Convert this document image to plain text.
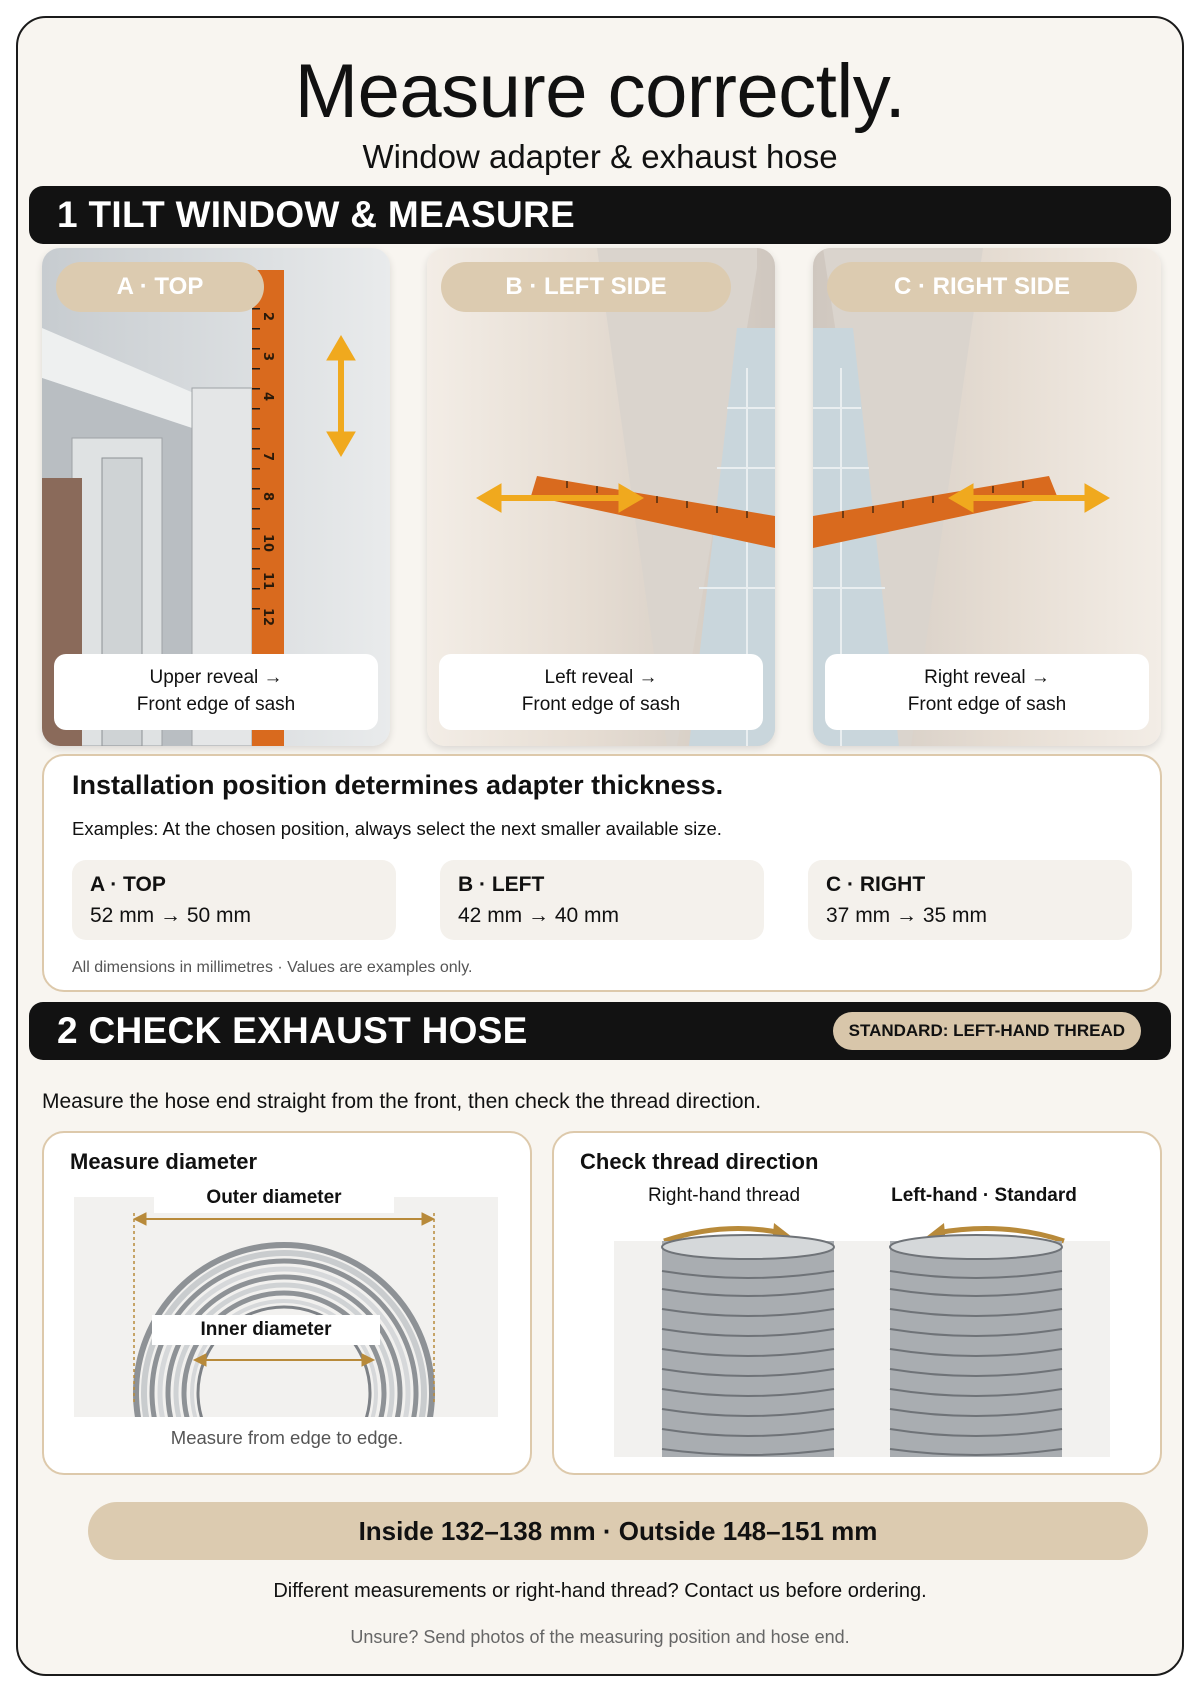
Measure correctly.
Window adapter & exhaust hose
1 TILT WINDOW & MEASURE
2
3
4
7
8
10
11
12
A · TOP
Upper reveal →
Front edge of sash
B · LEFT SIDE
Left reveal →
Front edge of sash
C · RIGHT SIDE
Right reveal →
Front edge of sash
Installation position determines adapter thickness.
Examples: At the chosen position, always select the next smaller available size.
A · TOP
52 mm → 50 mm
B · LEFT
42 mm → 40 mm
C · RIGHT
37 mm → 35 mm
All dimensions in millimetres · Values are examples only.
2 CHECK EXHAUST HOSE	STANDARD: LEFT-HAND THREAD
Measure the hose end straight from the front, then check the thread direction.
Measure diameter
Outer diameter
Inner diameter
Measure from edge to edge.
Check thread direction
Right-hand thread	Left-hand · Standard
Inside 132–138 mm · Outside 148–151 mm
Different measurements or right-hand thread? Contact us before ordering.
Unsure? Send photos of the measuring position and hose end.
